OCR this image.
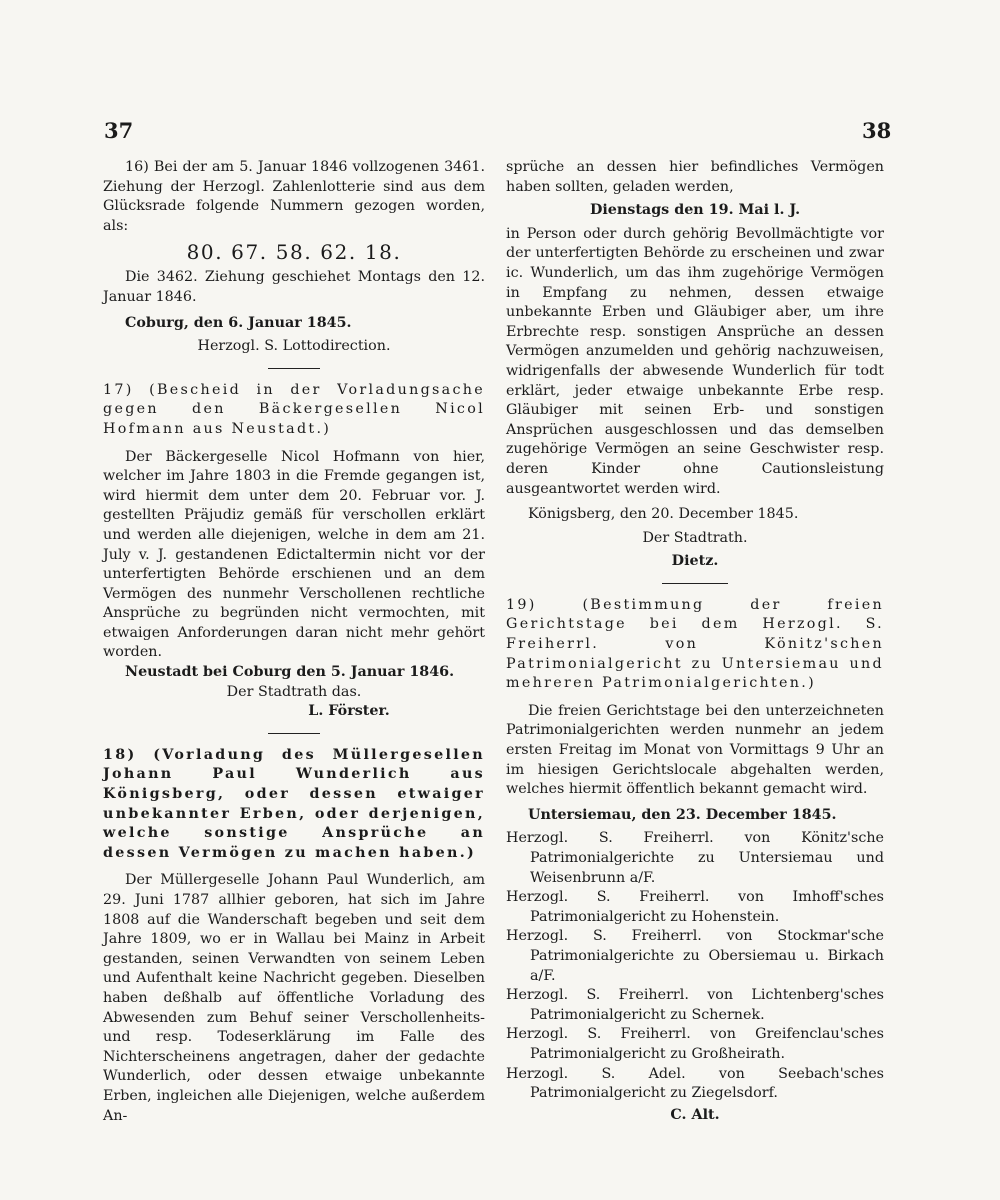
37	38

16) Bei der am 5. Januar 1846 vollzogenen 3461. Ziehung der Herzogl. Zahlenlotterie sind aus dem Glücksrade folgende Nummern gezogen worden, als:

80. 67. 58. 62. 18.

Die 3462. Ziehung geschiehet Montags den 12. Januar 1846.

Coburg, den 6. Januar 1845.

Herzogl. S. Lottodirection.

17) (Bescheid in der Vorladungsache gegen den Bäckergesellen Nicol Hofmann aus Neustadt.)

Der Bäckergeselle Nicol Hofmann von hier, welcher im Jahre 1803 in die Fremde gegangen ist, wird hiermit dem unter dem 20. Februar vor. J. gestellten Präjudiz gemäß für verschollen erklärt und werden alle diejenigen, welche in dem am 21. July v. J. gestandenen Edictaltermin nicht vor der unterfertigten Behörde erschienen und an dem Vermögen des nunmehr Verschollenen rechtliche Ansprüche zu begründen nicht vermochten, mit etwaigen Anforderungen daran nicht mehr gehört worden.

Neustadt bei Coburg den 5. Januar 1846.

Der Stadtrath das.

L. Förster.

18) (Vorladung des Müllergesellen Johann Paul Wunderlich aus Königsberg, oder dessen etwaiger unbekannter Erben, oder derjenigen, welche sonstige Ansprüche an dessen Vermögen zu machen haben.)

Der Müllergeselle Johann Paul Wunderlich, am 29. Juni 1787 allhier geboren, hat sich im Jahre 1808 auf die Wanderschaft begeben und seit dem Jahre 1809, wo er in Wallau bei Mainz in Arbeit gestanden, seinen Verwandten von seinem Leben und Aufenthalt keine Nachricht gegeben. Dieselben haben deßhalb auf öffentliche Vorladung des Abwesenden zum Behuf seiner Verschollenheits- und resp. Todeserklärung im Falle des Nichterscheinens angetragen, daher der gedachte Wunderlich, oder dessen etwaige unbekannte Erben, ingleichen alle Diejenigen, welche außerdem An-

sprüche an dessen hier befindliches Vermögen haben sollten, geladen werden,

Dienstags den 19. Mai l. J.

in Person oder durch gehörig Bevollmächtigte vor der unterfertigten Behörde zu erscheinen und zwar ic. Wunderlich, um das ihm zugehörige Vermögen in Empfang zu nehmen, dessen etwaige unbekannte Erben und Gläubiger aber, um ihre Erbrechte resp. sonstigen Ansprüche an dessen Vermögen anzumelden und gehörig nachzuweisen, widrigenfalls der abwesende Wunderlich für todt erklärt, jeder etwaige unbekannte Erbe resp. Gläubiger mit seinen Erb- und sonstigen Ansprüchen ausgeschlossen und das demselben zugehörige Vermögen an seine Geschwister resp. deren Kinder ohne Cautionsleistung ausgeantwortet werden wird.

Königsberg, den 20. December 1845.

Der Stadtrath.

Dietz.

19) (Bestimmung der freien Gerichtstage bei dem Herzogl. S. Freiherrl. von Könitz'schen Patrimonialgericht zu Untersiemau und mehreren Patrimonialgerichten.)

Die freien Gerichtstage bei den unterzeichneten Patrimonialgerichten werden nunmehr an jedem ersten Freitag im Monat von Vormittags 9 Uhr an im hiesigen Gerichtslocale abgehalten werden, welches hiermit öffentlich bekannt gemacht wird.

Untersiemau, den 23. December 1845.

Herzogl. S. Freiherrl. von Könitz'sche Patrimonialgerichte zu Untersiemau und Weisenbrunn a/F.

Herzogl. S. Freiherrl. von Imhoff'sches Patrimonialgericht zu Hohenstein.

Herzogl. S. Freiherrl. von Stockmar'sche Patrimonialgerichte zu Obersiemau u. Birkach a/F.

Herzogl. S. Freiherrl. von Lichtenberg'sches Patrimonialgericht zu Schernek.

Herzogl. S. Freiherrl. von Greifenclau'sches Patrimonialgericht zu Großheirath.

Herzogl. S. Adel. von Seebach'sches Patrimonialgericht zu Ziegelsdorf.

C. Alt.
